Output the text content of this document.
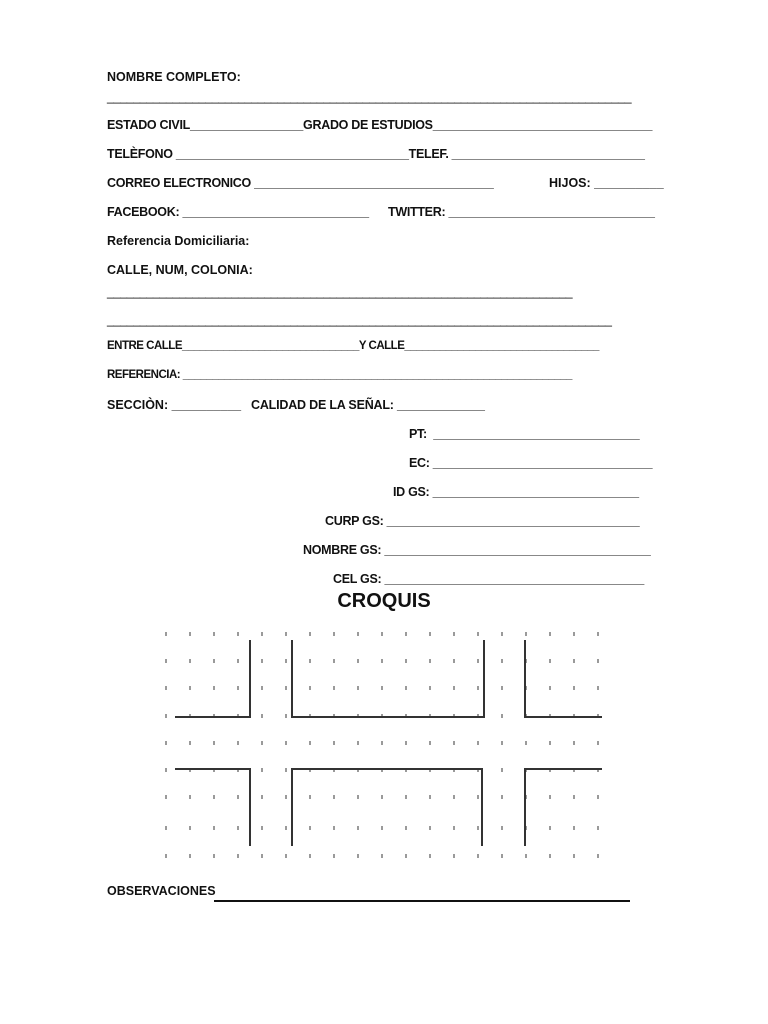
NOMBRE COMPLETO:
________________________________________________________________________________
ESTADO CIVIL_________________GRADO DE ESTUDIOS_________________________________
TELÈFONO ___________________________________TELEF. _____________________________
CORREO ELECTRONICO ____________________________________	HIJOS: __________
FACEBOOK: ____________________________ TWITTER: _______________________________
Referencia Domiciliaria:
CALLE, NUM, COLONIA:
_______________________________________________________________________
_____________________________________________________________________________
ENTRE CALLE______________________________Y CALLE_________________________________
REFERENCIA: __________________________________________________________________
SECCIÒN: __________ CALIDAD DE LA SEÑAL: _____________
PT:  _______________________________
EC: _________________________________
ID GS: _______________________________
CURP GS: ______________________________________
NOMBRE GS: ________________________________________
CEL GS: _______________________________________
CROQUIS
OBSERVACIONES
